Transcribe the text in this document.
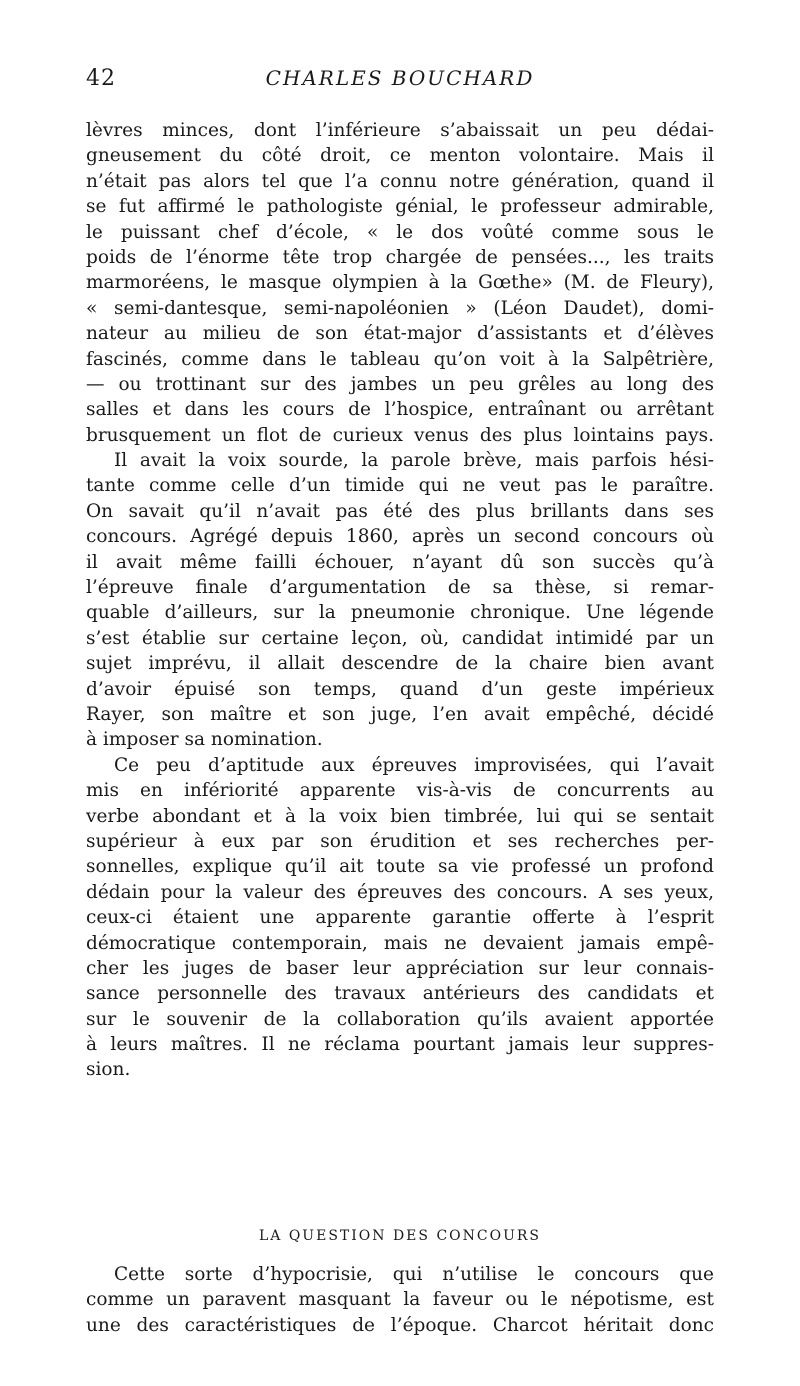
42	CHARLES BOUCHARD
lèvres minces, dont l’inférieure s’abaissait un peu dédai-
gneusement du côté droit, ce menton volontaire. Mais il
n’était pas alors tel que l’a connu notre génération, quand il
se fut affirmé le pathologiste génial, le professeur admirable,
le puissant chef d’école, « le dos voûté comme sous le
poids de l’énorme tête trop chargée de pensées..., les traits
marmoréens, le masque olympien à la Gœthe» (M. de Fleury),
« semi-dantesque, semi-napoléonien » (Léon Daudet), domi-
nateur au milieu de son état-major d’assistants et d’élèves
fascinés, comme dans le tableau qu’on voit à la Salpêtrière,
— ou trottinant sur des jambes un peu grêles au long des
salles et dans les cours de l’hospice, entraînant ou arrêtant
brusquement un flot de curieux venus des plus lointains pays.
Il avait la voix sourde, la parole brève, mais parfois hési-
tante comme celle d’un timide qui ne veut pas le paraître.
On savait qu’il n’avait pas été des plus brillants dans ses
concours. Agrégé depuis 1860, après un second concours où
il avait même failli échouer, n’ayant dû son succès qu’à
l’épreuve finale d’argumentation de sa thèse, si remar-
quable d’ailleurs, sur la pneumonie chronique. Une légende
s’est établie sur certaine leçon, où, candidat intimidé par un
sujet imprévu, il allait descendre de la chaire bien avant
d’avoir épuisé son temps, quand d’un geste impérieux
Rayer, son maître et son juge, l’en avait empêché, décidé
à imposer sa nomination.
Ce peu d’aptitude aux épreuves improvisées, qui l’avait
mis en infériorité apparente vis-à-vis de concurrents au
verbe abondant et à la voix bien timbrée, lui qui se sentait
supérieur à eux par son érudition et ses recherches per-
sonnelles, explique qu’il ait toute sa vie professé un profond
dédain pour la valeur des épreuves des concours. A ses yeux,
ceux-ci étaient une apparente garantie offerte à l’esprit
démocratique contemporain, mais ne devaient jamais empê-
cher les juges de baser leur appréciation sur leur connais-
sance personnelle des travaux antérieurs des candidats et
sur le souvenir de la collaboration qu’ils avaient apportée
à leurs maîtres. Il ne réclama pourtant jamais leur suppres-
sion.
LA QUESTION DES CONCOURS
Cette sorte d’hypocrisie, qui n’utilise le concours que
comme un paravent masquant la faveur ou le népotisme, est
une des caractéristiques de l’époque. Charcot héritait donc
